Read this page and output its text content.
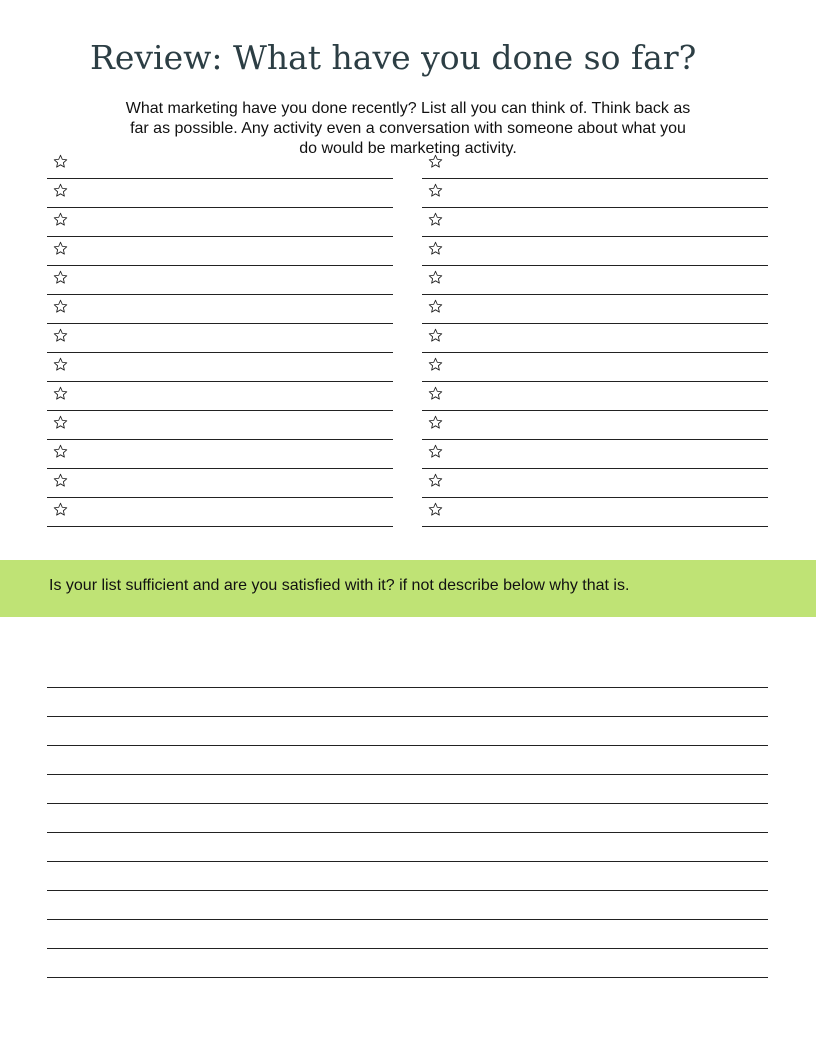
Review: What have you done so far?

What marketing have you done recently? List all you can think of. Think back as far as possible. Any activity even a conversation with someone about what you do would be marketing activity.

Is your list sufficient and are you satisfied with it? if not describe below why that is.
